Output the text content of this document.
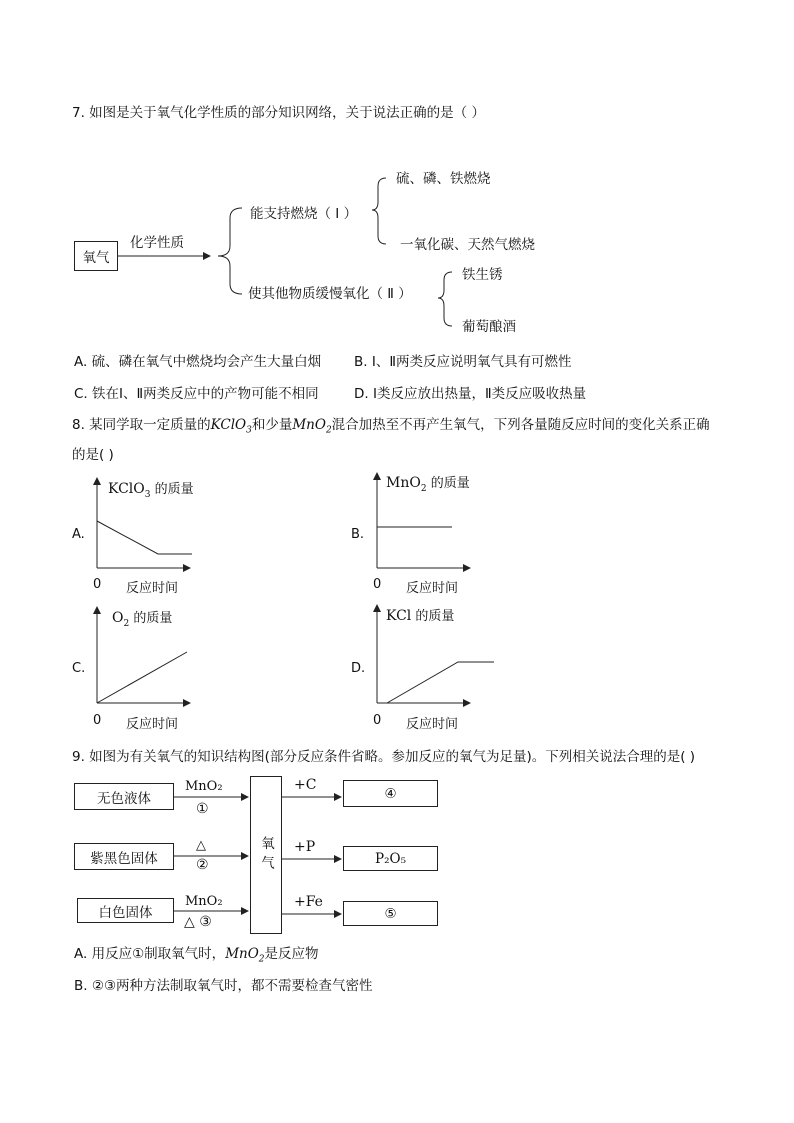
7. 如图是关于氧气化学性质的部分知识网络，关于说法正确的是（ ）
氧气
化学性质
能支持燃烧（ Ⅰ ）
硫、磷、铁燃烧
一氧化碳、天然气燃烧
使其他物质缓慢氧化（ Ⅱ ）
铁生锈
葡萄酿酒
A. 硫、磷在氧气中燃烧均会产生大量白烟 B. Ⅰ、Ⅱ两类反应说明氧气具有可燃性
C. 铁在Ⅰ、Ⅱ两类反应中的产物可能不相同	D. Ⅰ类反应放出热量，Ⅱ类反应吸收热量
8. 某同学取一定质量的KClO$_3$和少量MnO$_2$混合加热至不再产生氧气，下列各量随反应时间的变化关系正确
的是( )
A.
KClO$_3$ 的质量
0 反应时间
B.
MnO$_2$ 的质量
0 反应时间
C.
$O_2$ 的质量
0 反应时间
D.
KCl 的质量
0 反应时间
9. 如图为有关氧气的知识结构图(部分反应条件省略。参加反应的氧气为足量)。下列相关说法合理的是( )
无色液体
紫黑色固体
白色固体
MnO₂
①
△
②
MnO₂
△ ③
氧气
+C
+P
+Fe
④
P₂O₅
⑤
A. 用反应①制取氧气时，MnO$_2$是反应物
B. ②③两种方法制取氧气时，都不需要检查气密性
